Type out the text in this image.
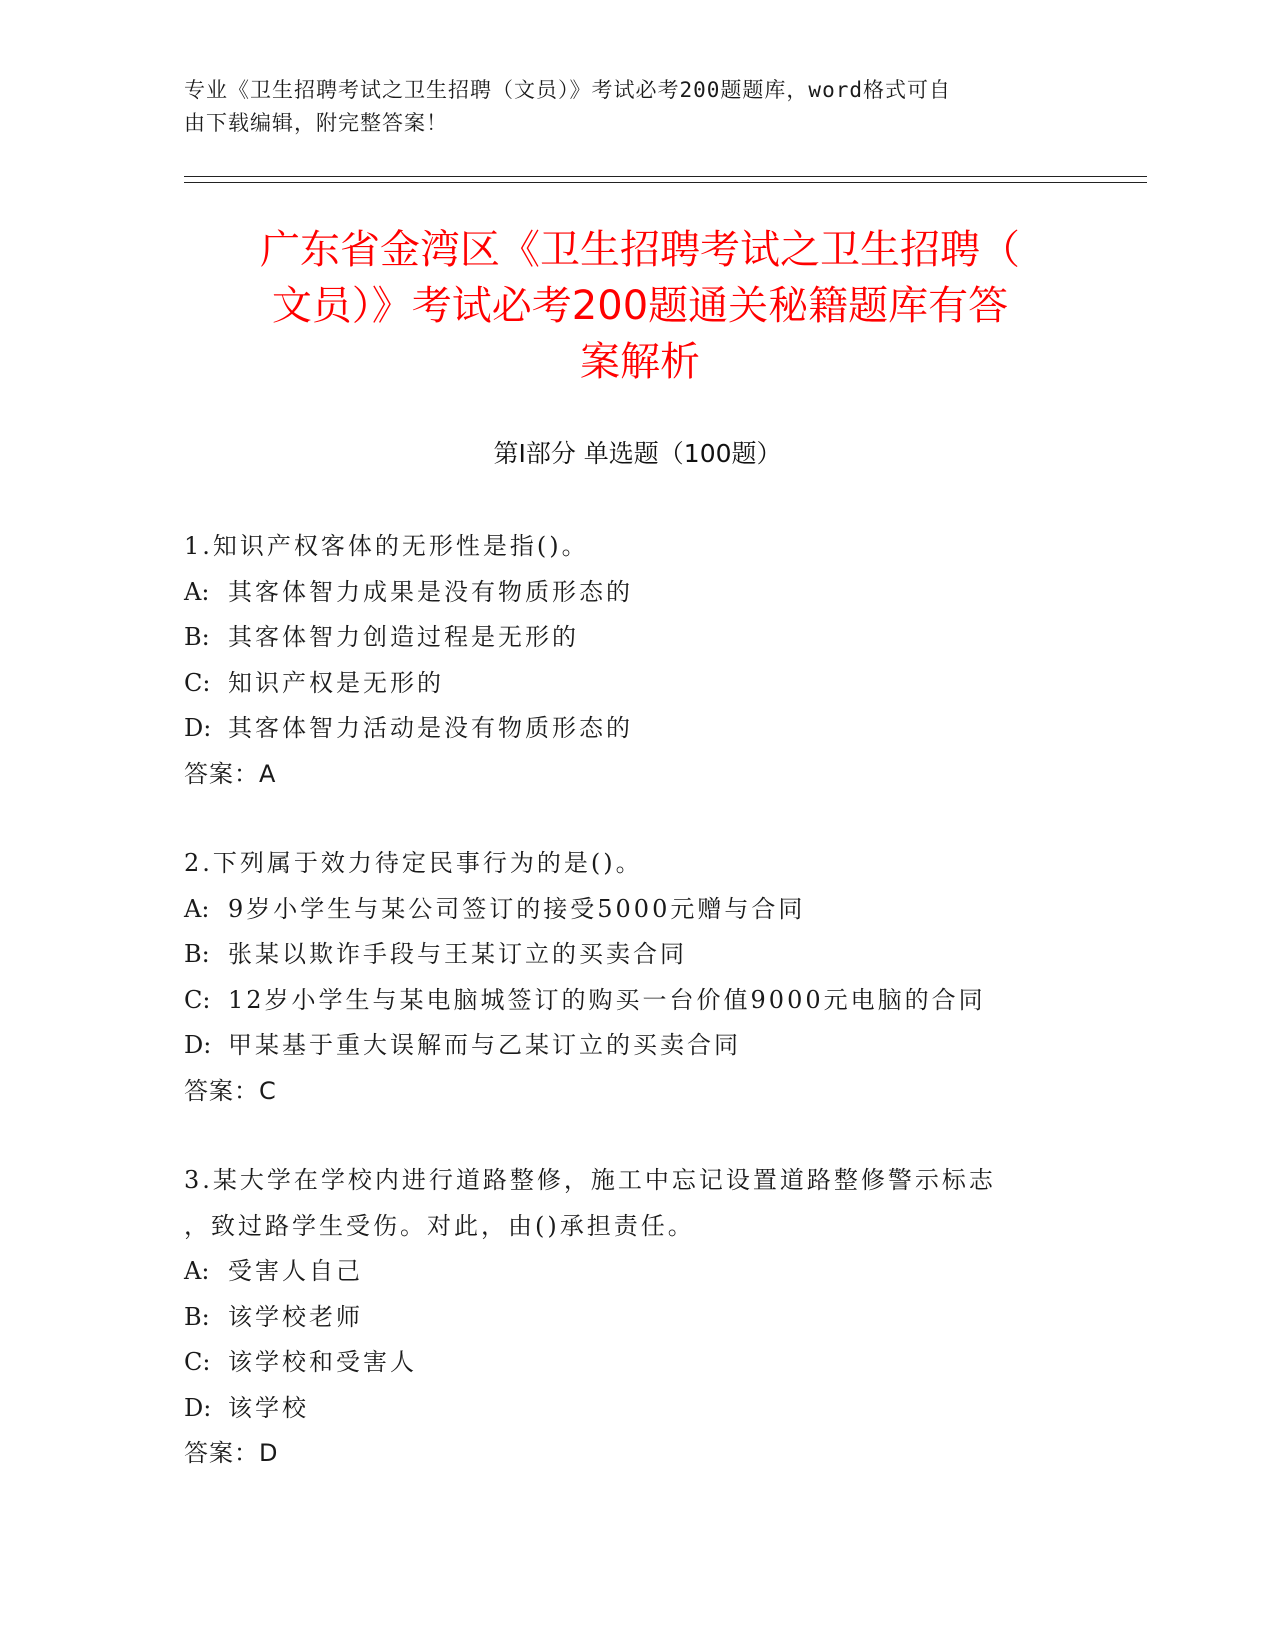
专业《卫生招聘考试之卫生招聘（文员）》考试必考200题题库，word格式可自
由下载编辑，附完整答案！
广东省金湾区《卫生招聘考试之卫生招聘（
文员）》考试必考200题通关秘籍题库有答
案解析
第I部分 单选题（100题）
1.知识产权客体的无形性是指()。
A: 其客体智力成果是没有物质形态的
B: 其客体智力创造过程是无形的
C: 知识产权是无形的
D: 其客体智力活动是没有物质形态的
答案：A
2.下列属于效力待定民事行为的是()。
A: 9岁小学生与某公司签订的接受5000元赠与合同
B: 张某以欺诈手段与王某订立的买卖合同
C: 12岁小学生与某电脑城签订的购买一台价值9000元电脑的合同
D: 甲某基于重大误解而与乙某订立的买卖合同
答案：C
3.某大学在学校内进行道路整修，施工中忘记设置道路整修警示标志
，致过路学生受伤。对此，由()承担责任。
A: 受害人自己
B: 该学校老师
C: 该学校和受害人
D: 该学校
答案：D
